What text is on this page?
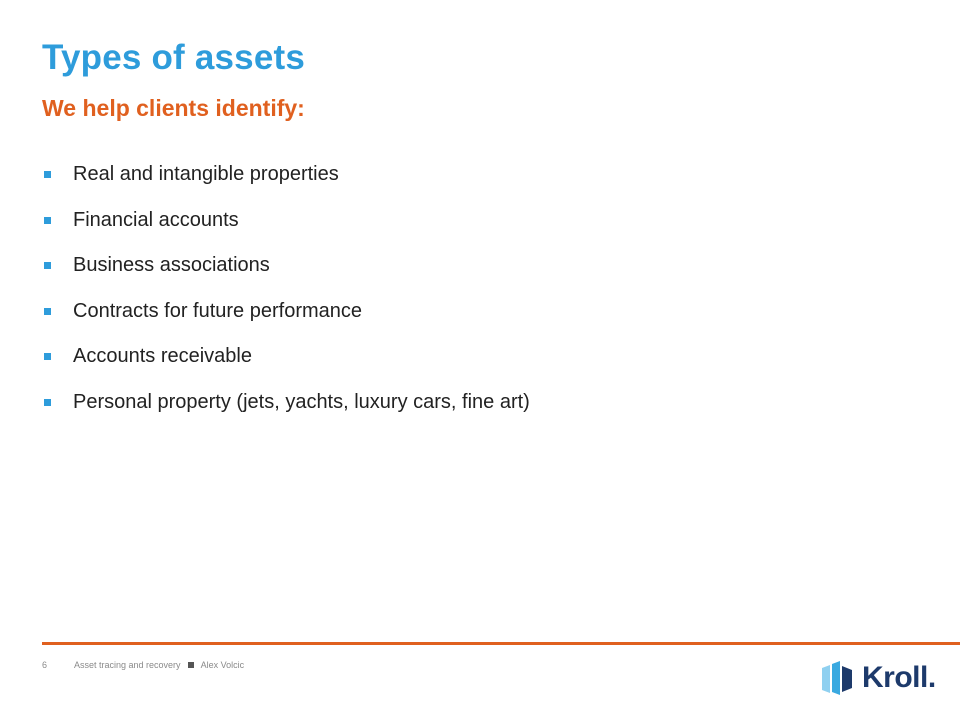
Types of assets
We help clients identify:
Real and intangible properties
Financial accounts
Business associations
Contracts for future performance
Accounts receivable
Personal property (jets, yachts, luxury cars, fine art)
6	Asset tracing and recovery Alex Volcic	Kroll .
